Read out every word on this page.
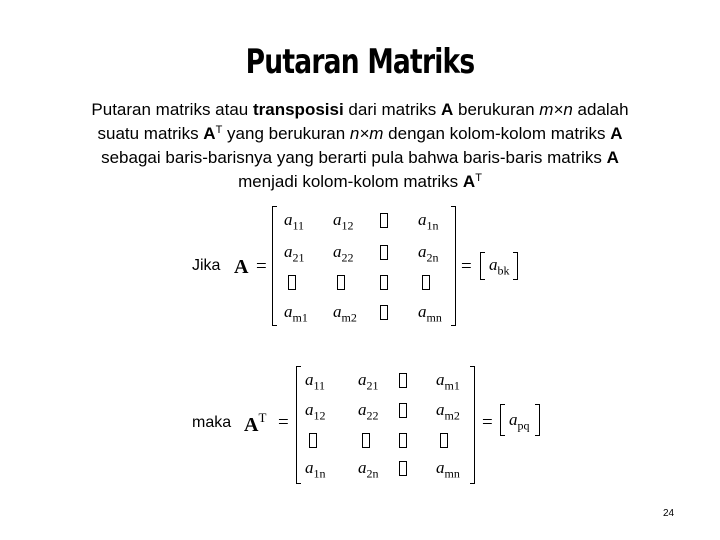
Putaran Matriks
Putaran matriks atau transposisi dari matriks A berukuran m×n adalah suatu matriks $A^T$ yang berukuran n×m dengan kolom-kolom matriks A sebagai baris-barisnya yang berarti pula bahwa baris-baris matriks A menjadi kolom-kolom matriks $A^T$
Jika A =
$a_{11}$ $a_{12}$	$a_{1n}$
$a_{21}$ $a_{22}$	$a_{2n}$
$a_{m1}$ $a_{m2}$	$a_{mn}$
= $a_{bk}$
maka $A^T$ =
$a_{11}$ $a_{21}$	$a_{m1}$
$a_{12}$ $a_{22}$	$a_{m2}$
$a_{1n}$ $a_{2n}$	$a_{mn}$
= $a_{pq}$
24
